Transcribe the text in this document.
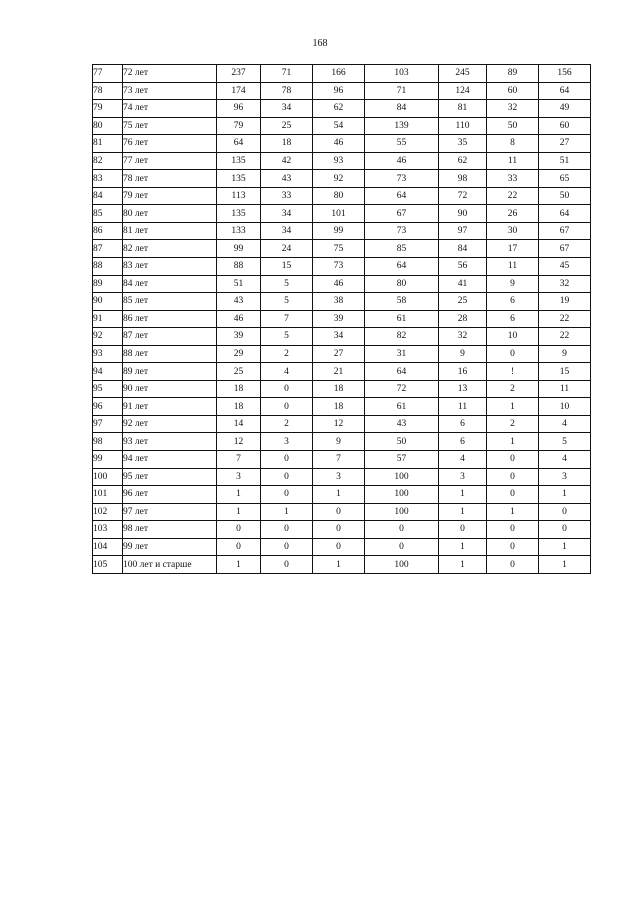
168
77	72 лет	237	71	166	103	245	89	156
78	73 лет	174	78	96	71	124	60	64
79	74 лет	96	34	62	84	81	32	49
80	75 лет	79	25	54	139	110	50	60
81	76 лет	64	18	46	55	35	8	27
82	77 лет	135	42	93	46	62	11	51
83	78 лет	135	43	92	73	98	33	65
84	79 лет	113	33	80	64	72	22	50
85	80 лет	135	34	101	67	90	26	64
86	81 лет	133	34	99	73	97	30	67
87	82 лет	99	24	75	85	84	17	67
88	83 лет	88	15	73	64	56	11	45
89	84 лет	51	5	46	80	41	9	32
90	85 лет	43	5	38	58	25	6	19
91	86 лет	46	7	39	61	28	6	22
92	87 лет	39	5	34	82	32	10	22
93	88 лет	29	2	27	31	9	0	9
94	89 лет	25	4	21	64	16	!	15
95	90 лет	18	0	18	72	13	2	11
96	91 лет	18	0	18	61	11	1	10
97	92 лет	14	2	12	43	6	2	4
98	93 лет	12	3	9	50	6	1	5
99	94 лет	7	0	7	57	4	0	4
100	95 лет	3	0	3	100	3	0	3
101	96 лет	1	0	1	100	1	0	1
102	97 лет	1	1	0	100	1	1	0
103	98 лет	0	0	0	0	0	0	0
104	99 лет	0	0	0	0	1	0	1
105	100 лет и старше	1	0	1	100	1	0	1
